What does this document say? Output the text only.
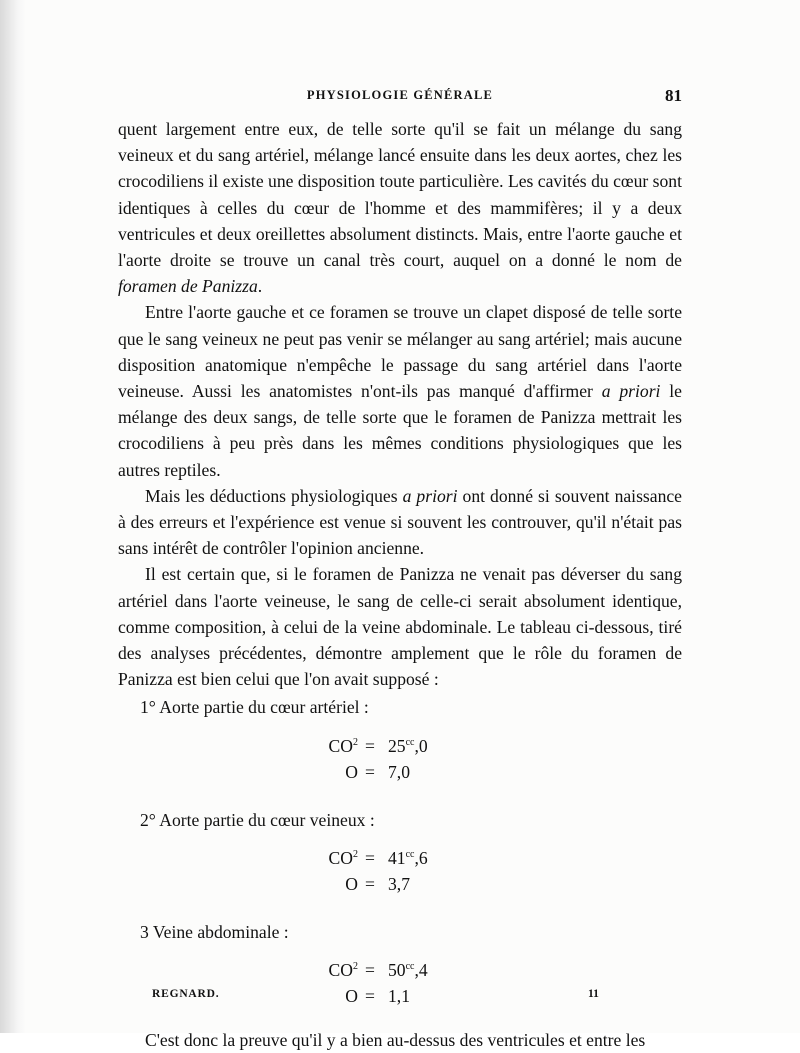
PHYSIOLOGIE GÉNÉRALE	81

quent largement entre eux, de telle sorte qu'il se fait un mélange du sang veineux et du sang artériel, mélange lancé ensuite dans les deux aortes, chez les crocodiliens il existe une disposition toute particulière. Les cavités du cœur sont identiques à celles du cœur de l'homme et des mammifères; il y a deux ventricules et deux oreillettes absolument distincts. Mais, entre l'aorte gauche et l'aorte droite se trouve un canal très court, auquel on a donné le nom de foramen de Panizza.

Entre l'aorte gauche et ce foramen se trouve un clapet disposé de telle sorte que le sang veineux ne peut pas venir se mélanger au sang artériel; mais aucune disposition anatomique n'empêche le passage du sang artériel dans l'aorte veineuse. Aussi les anatomistes n'ont-ils pas manqué d'affirmer a priori le mélange des deux sangs, de telle sorte que le foramen de Panizza mettrait les crocodiliens à peu près dans les mêmes conditions physiologiques que les autres reptiles.

Mais les déductions physiologiques a priori ont donné si souvent naissance à des erreurs et l'expérience est venue si souvent les controuver, qu'il n'était pas sans intérêt de contrôler l'opinion ancienne.

Il est certain que, si le foramen de Panizza ne venait pas déverser du sang artériel dans l'aorte veineuse, le sang de celle-ci serait absolument identique, comme composition, à celui de la veine abdominale. Le tableau ci-dessous, tiré des analyses précédentes, démontre amplement que le rôle du foramen de Panizza est bien celui que l'on avait supposé :

1° Aorte partie du cœur artériel :
$CO^2 = 25^{cc},0$
O = 7,0
2° Aorte partie du cœur veineux :
$CO^2 = 41^{cc},6$
O = 3,7
3 Veine abdominale :
$CO^2 = 50^{cc},4$
O = 1,1

C'est donc la preuve qu'il y a bien au-dessus des ventricules et entre les

REGNARD.	11
